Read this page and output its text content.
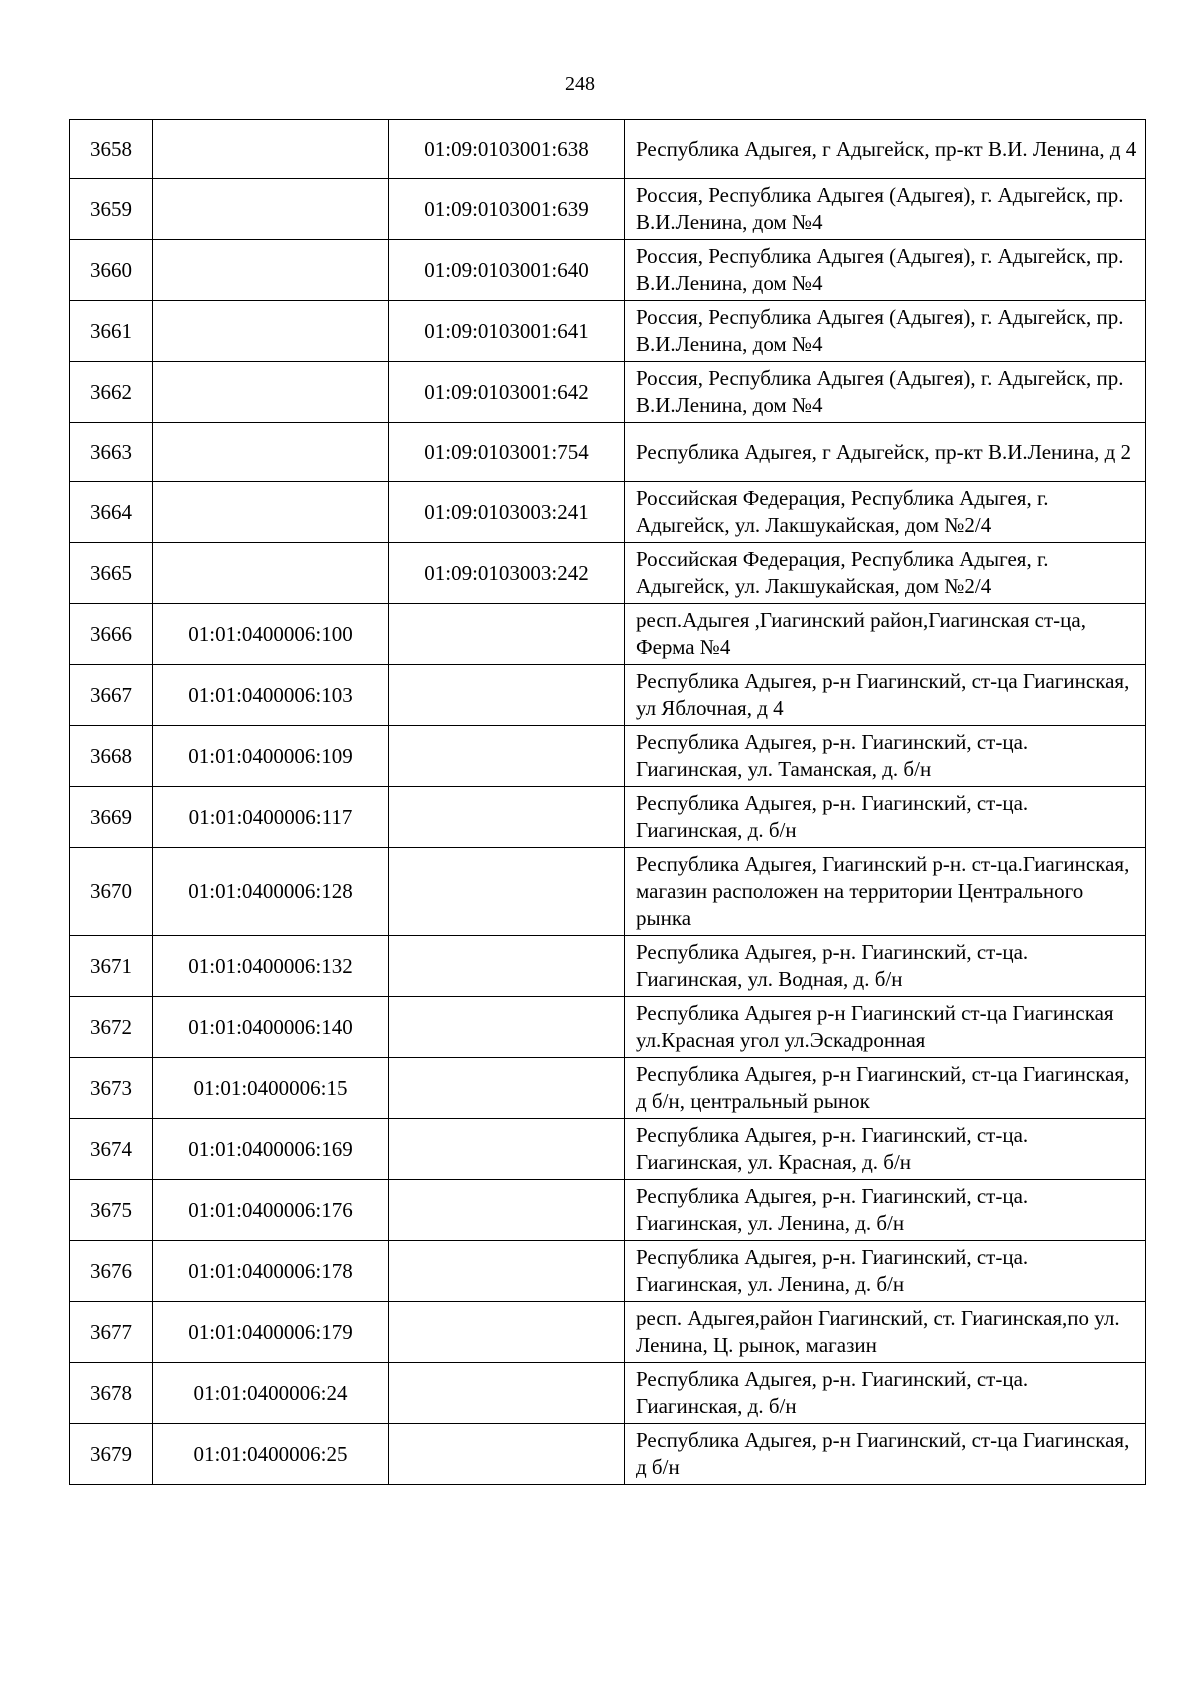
248
3658		01:09:0103001:638	Республика Адыгея, г Адыгейск, пр-кт В.И. Ленина, д 4
3659		01:09:0103001:639	Россия, Республика Адыгея (Адыгея), г. Адыгейск, пр. В.И.Ленина, дом №4
3660		01:09:0103001:640	Россия, Республика Адыгея (Адыгея), г. Адыгейск, пр. В.И.Ленина, дом №4
3661		01:09:0103001:641	Россия, Республика Адыгея (Адыгея), г. Адыгейск, пр. В.И.Ленина, дом №4
3662		01:09:0103001:642	Россия, Республика Адыгея (Адыгея), г. Адыгейск, пр. В.И.Ленина, дом №4
3663		01:09:0103001:754	Республика Адыгея, г Адыгейск, пр-кт В.И.Ленина, д 2
3664		01:09:0103003:241	Российская Федерация, Республика Адыгея, г. Адыгейск, ул. Лакшукайская, дом №2/4
3665		01:09:0103003:242	Российская Федерация, Республика Адыгея, г. Адыгейск, ул. Лакшукайская, дом №2/4
3666	01:01:0400006:100		респ.Адыгея ,Гиагинский район,Гиагинская ст-ца, Ферма №4
3667	01:01:0400006:103		Республика Адыгея, р-н Гиагинский, ст-ца Гиагинская, ул Яблочная, д 4
3668	01:01:0400006:109		Республика Адыгея, р-н. Гиагинский, ст-ца. Гиагинская, ул. Таманская, д. б/н
3669	01:01:0400006:117		Республика Адыгея, р-н. Гиагинский, ст-ца. Гиагинская, д. б/н
3670	01:01:0400006:128		Республика Адыгея, Гиагинский р-н. ст-ца.Гиагинская, магазин расположен на территории Центрального рынка
3671	01:01:0400006:132		Республика Адыгея, р-н. Гиагинский, ст-ца. Гиагинская, ул. Водная, д. б/н
3672	01:01:0400006:140		Республика Адыгея р-н Гиагинский ст-ца Гиагинская ул.Красная угол ул.Эскадронная
3673	01:01:0400006:15		Республика Адыгея, р-н Гиагинский, ст-ца Гиагинская, д б/н, центральный рынок
3674	01:01:0400006:169		Республика Адыгея, р-н. Гиагинский, ст-ца. Гиагинская, ул. Красная, д. б/н
3675	01:01:0400006:176		Республика Адыгея, р-н. Гиагинский, ст-ца. Гиагинская, ул. Ленина, д. б/н
3676	01:01:0400006:178		Республика Адыгея, р-н. Гиагинский, ст-ца. Гиагинская, ул. Ленина, д. б/н
3677	01:01:0400006:179		респ. Адыгея,район Гиагинский, ст. Гиагинская,по ул. Ленина, Ц. рынок, магазин
3678	01:01:0400006:24		Республика Адыгея, р-н. Гиагинский, ст-ца. Гиагинская, д. б/н
3679	01:01:0400006:25		Республика Адыгея, р-н Гиагинский, ст-ца Гиагинская, д б/н
